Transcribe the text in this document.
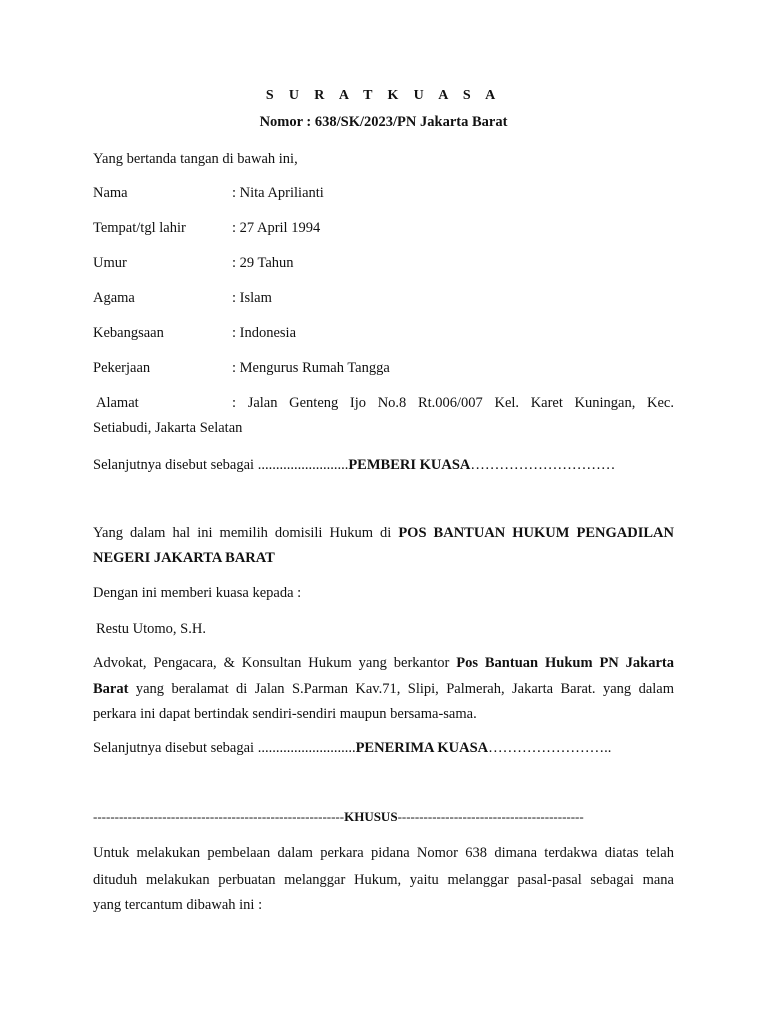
S U R A T K U A S A
Nomor : 638/SK/2023/PN Jakarta Barat
Yang bertanda tangan di bawah ini,
Nama	: Nita Aprilianti
Tempat/tgl lahir	: 27 April 1994
Umur	: 29 Tahun
Agama	: Islam
Kebangsaan	: Indonesia
Pekerjaan	: Mengurus Rumah Tangga
Alamat	: Jalan Genteng Ijo No.8 Rt.006/007 Kel. Karet Kuningan, Kec.
Setiabudi, Jakarta Selatan
Selanjutnya disebut sebagai .........................PEMBERI KUASA…………………………
Yang dalam hal ini memilih domisili Hukum di POS BANTUAN HUKUM PENGADILAN
NEGERI JAKARTA BARAT
Dengan ini memberi kuasa kepada :
Restu Utomo, S.H.
Advokat, Pengacara, & Konsultan Hukum yang berkantor Pos Bantuan Hukum PN Jakarta
Barat yang beralamat di Jalan S.Parman Kav.71, Slipi, Palmerah, Jakarta Barat. yang dalam
perkara ini dapat bertindak sendiri-sendiri maupun bersama-sama.
Selanjutnya disebut sebagai ...........................PENERIMA KUASA……………………..
----------------------------------------------------------KHUSUS-------------------------------------------
Untuk melakukan pembelaan dalam perkara pidana Nomor 638 dimana terdakwa diatas telah
dituduh melakukan perbuatan melanggar Hukum, yaitu melanggar pasal-pasal sebagai mana
yang tercantum dibawah ini :
